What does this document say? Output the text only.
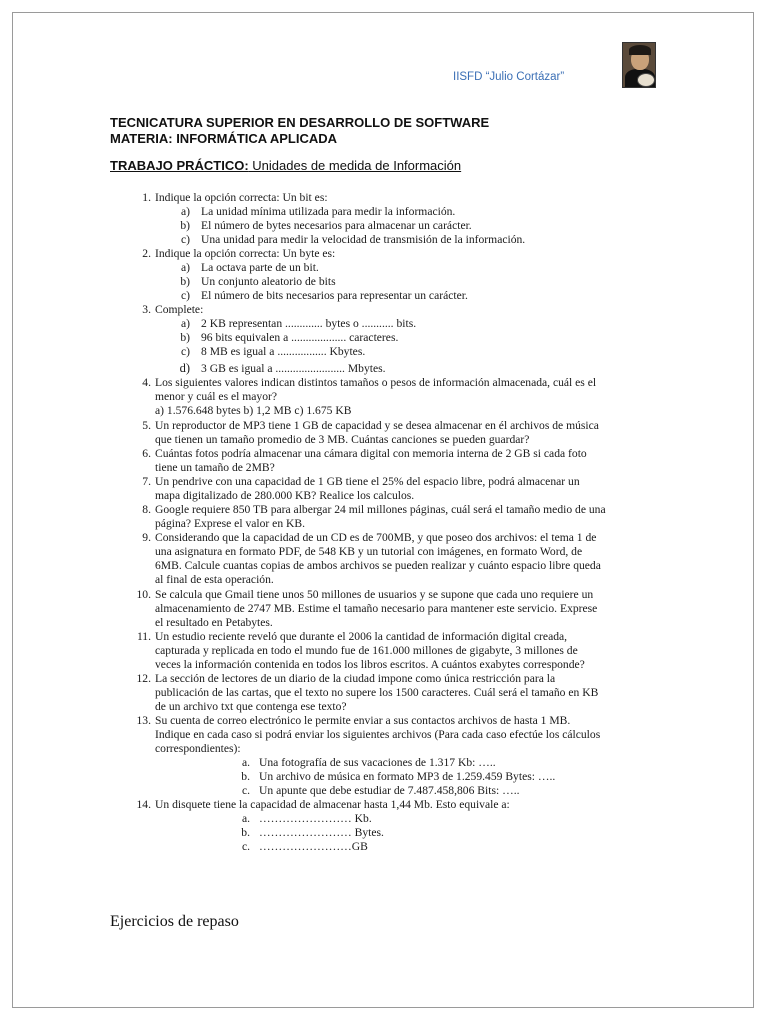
IISFD “Julio Cortázar”
TECNICATURA SUPERIOR EN DESARROLLO DE SOFTWARE
MATERIA: INFORMÁTICA APLICADA
TRABAJO PRÁCTICO: Unidades de medida de Información
1. Indique la opción correcta: Un bit es:
a) La unidad mínima utilizada para medir la información.
b) El número de bytes necesarios para almacenar un carácter.
c) Una unidad para medir la velocidad de transmisión de la información.
2. Indique la opción correcta: Un byte es:
a) La octava parte de un bit.
b) Un conjunto aleatorio de bits
c) El número de bits necesarios para representar un carácter.
3. Complete:
a) 2 KB representan ............. bytes o ........... bits.
b) 96 bits equivalen a ................... caracteres.
c) 8 MB es igual a ................. Kbytes.
d) 3 GB es igual a ........................ Mbytes.
4. Los siguientes valores indican distintos tamaños o pesos de información almacenada, cuál es el
menor y cuál es el mayor?
a) 1.576.648 bytes b) 1,2 MB c) 1.675 KB
5. Un reproductor de MP3 tiene 1 GB de capacidad y se desea almacenar en él archivos de música
que tienen un tamaño promedio de 3 MB. Cuántas canciones se pueden guardar?
6. Cuántas fotos podría almacenar una cámara digital con memoria interna de 2 GB si cada foto
tiene un tamaño de 2MB?
7. Un pendrive con una capacidad de 1 GB tiene el 25% del espacio libre, podrá almacenar un
mapa digitalizado de 280.000 KB? Realice los calculos.
8. Google requiere 850 TB para albergar 24 mil millones páginas, cuál será el tamaño medio de una
página? Exprese el valor en KB.
9. Considerando que la capacidad de un CD es de 700MB, y que poseo dos archivos: el tema 1 de
una asignatura en formato PDF, de 548 KB y un tutorial con imágenes, en formato Word, de
6MB. Calcule cuantas copias de ambos archivos se pueden realizar y cuánto espacio libre queda
al final de esta operación.
10. Se calcula que Gmail tiene unos 50 millones de usuarios y se supone que cada uno requiere un
almacenamiento de 2747 MB. Estime el tamaño necesario para mantener este servicio. Exprese
el resultado en Petabytes.
11. Un estudio reciente reveló que durante el 2006 la cantidad de información digital creada,
capturada y replicada en todo el mundo fue de 161.000 millones de gigabyte, 3 millones de
veces la información contenida en todos los libros escritos. A cuántos exabytes corresponde?
12. La sección de lectores de un diario de la ciudad impone como única restricción para la
publicación de las cartas, que el texto no supere los 1500 caracteres. Cuál será el tamaño en KB
de un archivo txt que contenga ese texto?
13. Su cuenta de correo electrónico le permite enviar a sus contactos archivos de hasta 1 MB.
Indique en cada caso si podrá enviar los siguientes archivos (Para cada caso efectúe los cálculos
correspondientes):
a. Una fotografía de sus vacaciones de 1.317 Kb: …..
b. Un archivo de música en formato MP3 de 1.259.459 Bytes: …..
c. Un apunte que debe estudiar de 7.487.458,806 Bits: …..
14. Un disquete tiene la capacidad de almacenar hasta 1,44 Mb. Esto equivale a:
a. …………………… Kb.
b. …………………… Bytes.
c. ……………………GB
Ejercicios de repaso
